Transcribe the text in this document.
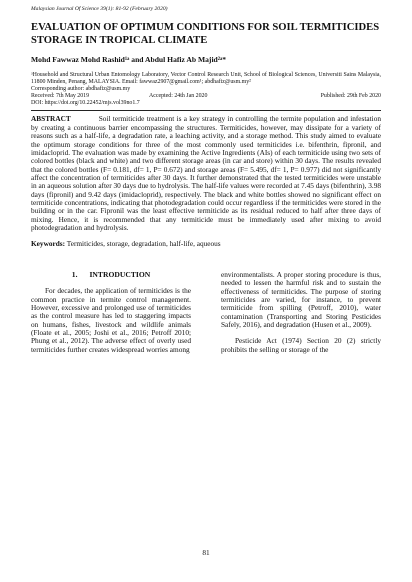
Malaysian Journal Of Science 39(1): 81-92 (February 2020)
EVALUATION OF OPTIMUM CONDITIONS FOR SOIL TERMITICIDES STORAGE IN TROPICAL CLIMATE
Mohd Fawwaz Mohd Rashid¹ᵃ and Abdul Hafiz Ab Majid²ᵃ*

ᵃHousehold and Structural Urban Entomology Laboratory, Vector Control Research Unit, School of Biological Sciences, Universiti Sains Malaysia, 11800 Minden, Penang, MALAYSIA. Email: fawwaz2907@gmail.com¹; abdhafiz@usm.my²

Corresponding author: abdhafiz@usm.my

Received: 7th May 2019	Accepted: 24th Jan 2020	Published: 29th Feb 2020

DOI: https://doi.org/10.22452/mjs.vol39no1.7

ABSTRACT	Soil termiticide treatment is a key strategy in controlling the termite population and infestation by creating a continuous barrier encompassing the structures. Termiticides, however, may dissipate for a variety of reasons such as a half-life, a degradation rate, a leaching activity, and a storage method. This study aimed to evaluate the optimum storage conditions for three of the most commonly used termiticides i.e. bifenthrin, fipronil, and imidacloprid. The evaluation was made by examining the Active Ingredients (AIs) of each termiticide using two sets of colored bottles (black and white) and two different storage areas (in car and store) within 30 days. The results revealed that the colored bottles (F= 0.181, df= 1, P= 0.672) and storage areas (F= 5.495, df= 1, P= 0.977) did not significantly affect the concentration of termiticides after 30 days. It further demonstrated that the tested termiticides were unstable in an aqueous solution after 30 days due to hydrolysis. The half-life values were recorded at 7.45 days (bifenthrin), 3.98 days (fipronil) and 9.42 days (imidacloprid), respectively. The black and white bottles showed no significant effect on termiticide concentrations, indicating that photodegradation could occur regardless if the termiticides were stored in the building or in the car. Fipronil was the least effective termiticide as its residual reduced to half after three days of mixing. Hence, it is recommended that any termiticide must be immediately used after mixing to avoid photodegradation and hydrolysis.

Keywords: Termiticides, storage, degradation, half-life, aqueous

1. INTRODUCTION

For decades, the application of termiticides is the common practice in termite control management. However, excessive and prolonged use of termiticides as the control measure has led to staggering impacts on humans, fishes, livestock and wildlife animals (Floate et al., 2005; Joshi et al., 2016; Petroff 2010; Phung et al., 2012). The adverse effect of overly used termiticides further creates widespread worries among

environmentalists. A proper storing procedure is thus, needed to lessen the harmful risk and to sustain the effectiveness of termiticides. The purpose of storing termiticides are varied, for instance, to prevent termiticide from spilling (Petroff, 2010), water contamination (Transporting and Storing Pesticides Safely, 2016), and degradation (Husen et al., 2009).

Pesticide Act (1974) Section 20 (2) strictly prohibits the selling or storage of the

81
